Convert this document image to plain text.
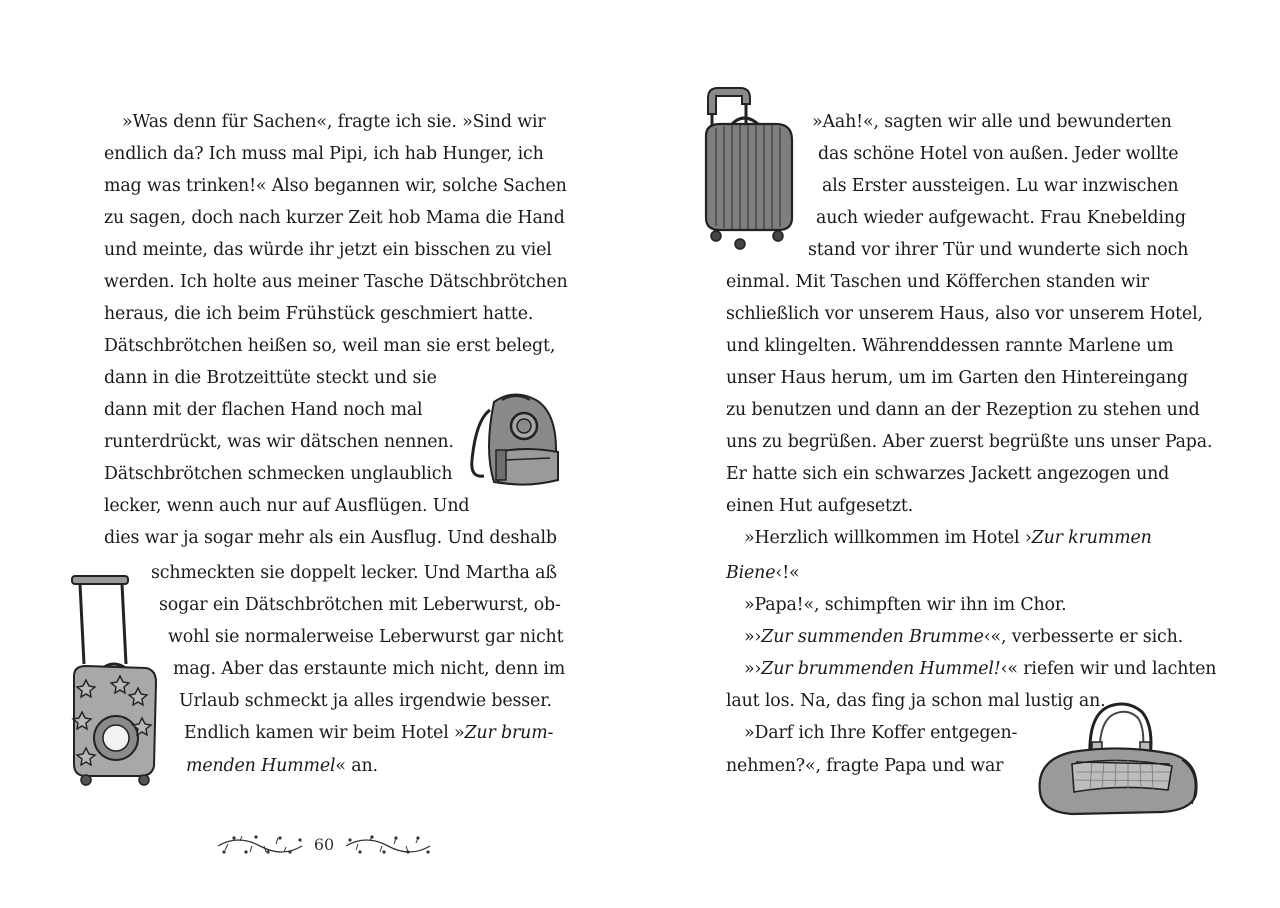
»Was denn für Sachen«, fragte ich sie. »Sind wir
endlich da? Ich muss mal Pipi, ich hab Hunger, ich
mag was trinken!« Also begannen wir, solche Sachen
zu sagen, doch nach kurzer Zeit hob Mama die Hand
und meinte, das würde ihr jetzt ein bisschen zu viel
werden. Ich holte aus meiner Tasche Dätschbrötchen
heraus, die ich beim Frühstück geschmiert hatte.
Dätschbrötchen heißen so, weil man sie erst belegt,
dann in die Brotzeittüte steckt und sie
dann mit der flachen Hand noch mal
runterdrückt, was wir dätschen nennen.
Dätschbrötchen schmecken unglaublich
lecker, wenn auch nur auf Ausflügen. Und
dies war ja sogar mehr als ein Ausflug. Und deshalb
schmeckten sie doppelt lecker. Und Martha aß
sogar ein Dätschbrötchen mit Leberwurst, ob-
wohl sie normalerweise Leberwurst gar nicht
mag. Aber das erstaunte mich nicht, denn im
Urlaub schmeckt ja alles irgendwie besser.
Endlich kamen wir beim Hotel »Zur brum-
menden Hummel« an.
60
»Aah!«, sagten wir alle und bewunderten
das schöne Hotel von außen. Jeder wollte
als Erster aussteigen. Lu war inzwischen
auch wieder aufgewacht. Frau Knebelding
stand vor ihrer Tür und wunderte sich noch
einmal. Mit Taschen und Köfferchen standen wir
schließlich vor unserem Haus, also vor unserem Hotel,
und klingelten. Währenddessen rannte Marlene um
unser Haus herum, um im Garten den Hintereingang
zu benutzen und dann an der Rezeption zu stehen und
uns zu begrüßen. Aber zuerst begrüßte uns unser Papa.
Er hatte sich ein schwarzes Jackett angezogen und
einen Hut aufgesetzt.
»Herzlich willkommen im Hotel ›Zur krummen
Biene‹!«
»Papa!«, schimpften wir ihn im Chor.
»›Zur summenden Brumme‹«, verbesserte er sich.
»›Zur brummenden Hummel!‹« riefen wir und lachten
laut los. Na, das fing ja schon mal lustig an.
»Darf ich Ihre Koffer entgegen-
nehmen?«, fragte Papa und war
